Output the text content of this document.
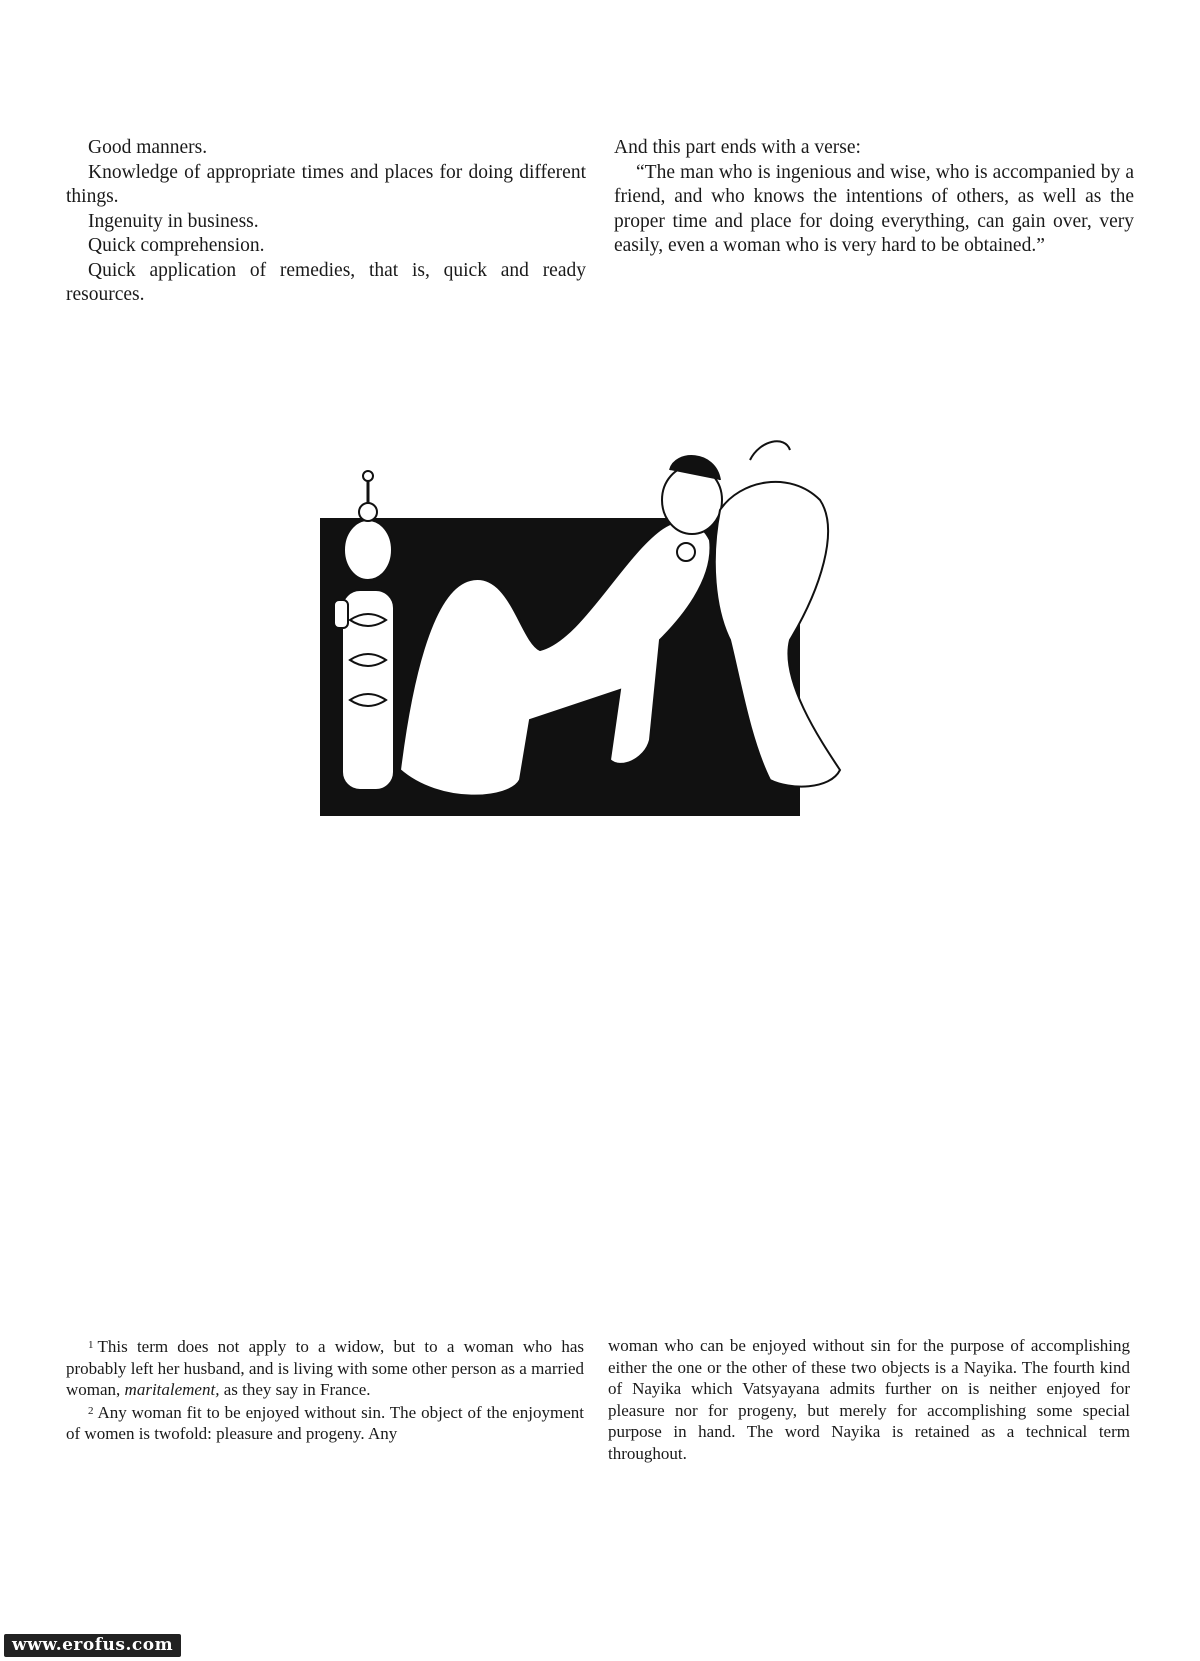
Good manners.

Knowledge of appropriate times and places for doing different things.

Ingenuity in business.

Quick comprehension.

Quick application of remedies, that is, quick and ready resources.

And this part ends with a verse:

“The man who is ingenious and wise, who is accompanied by a friend, and who knows the intentions of others, as well as the proper time and place for doing everything, can gain over, very easily, even a woman who is very hard to be obtained.”

$^1$ This term does not apply to a widow, but to a woman who has probably left her husband, and is living with some other person as a married woman, maritalement, as they say in France.

$^2$ Any woman fit to be enjoyed without sin. The object of the enjoyment of women is twofold: pleasure and progeny. Any

woman who can be enjoyed without sin for the purpose of accomplishing either the one or the other of these two objects is a Nayika. The fourth kind of Nayika which Vatsyayana admits further on is neither enjoyed for pleasure nor for progeny, but merely for accomplishing some special purpose in hand. The word Nayika is retained as a technical term throughout.

www.erofus.com
